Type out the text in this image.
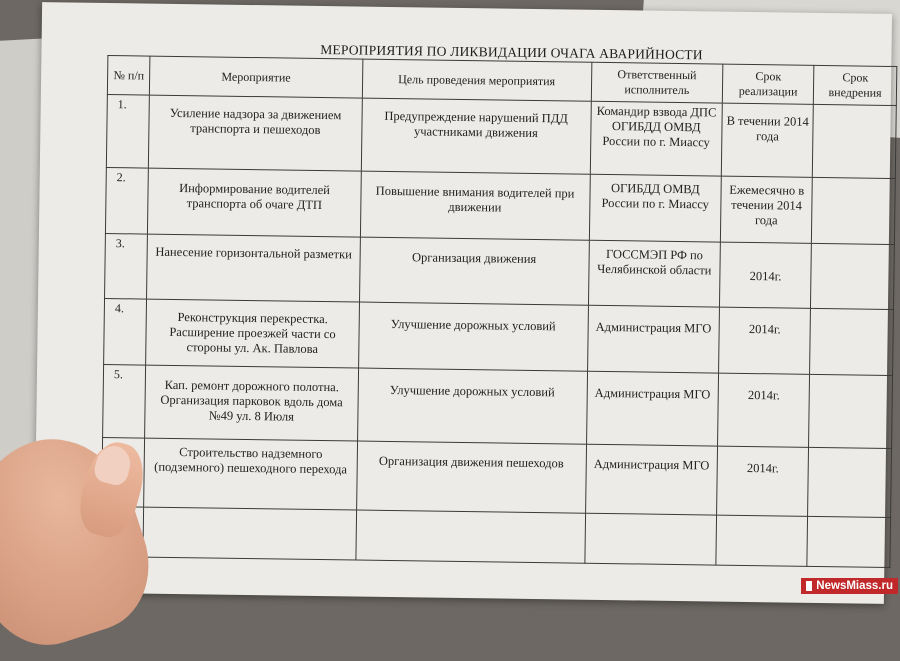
МЕРОПРИЯТИЯ ПО ЛИКВИДАЦИИ ОЧАГА АВАРИЙНОСТИ
№ п/п	Мероприятие	Цель проведения мероприятия	Ответственный исполнитель	Срок реализации	Срок внедрения
1.	Усиление надзора за движением транспорта и пешеходов	Предупреждение нарушений ПДД участниками движения	Командир взвода ДПС ОГИБДД ОМВД России по г. Миассу	В течении 2014 года	
2.	Информирование водителей транспорта об очаге ДТП	Повышение внимания водителей при движении	ОГИБДД ОМВД России по г. Миассу	Ежемесячно в течении 2014 года	
3.	Нанесение горизонтальной разметки	Организация движения	ГОССМЭП РФ по Челябинской области	2014г.	
4.	Реконструкция перекрестка. Расширение проезжей части со стороны ул. Ак. Павлова	Улучшение дорожных условий	Администрация МГО	2014г.	
5.	Кап. ремонт дорожного полотна. Организация парковок вдоль дома №49 ул. 8 Июля	Улучшение дорожных условий	Администрация МГО	2014г.	
	Строительство надземного (подземного) пешеходного перехода	Организация движения пешеходов	Администрация МГО	2014г.	

NewsMiass.ru
